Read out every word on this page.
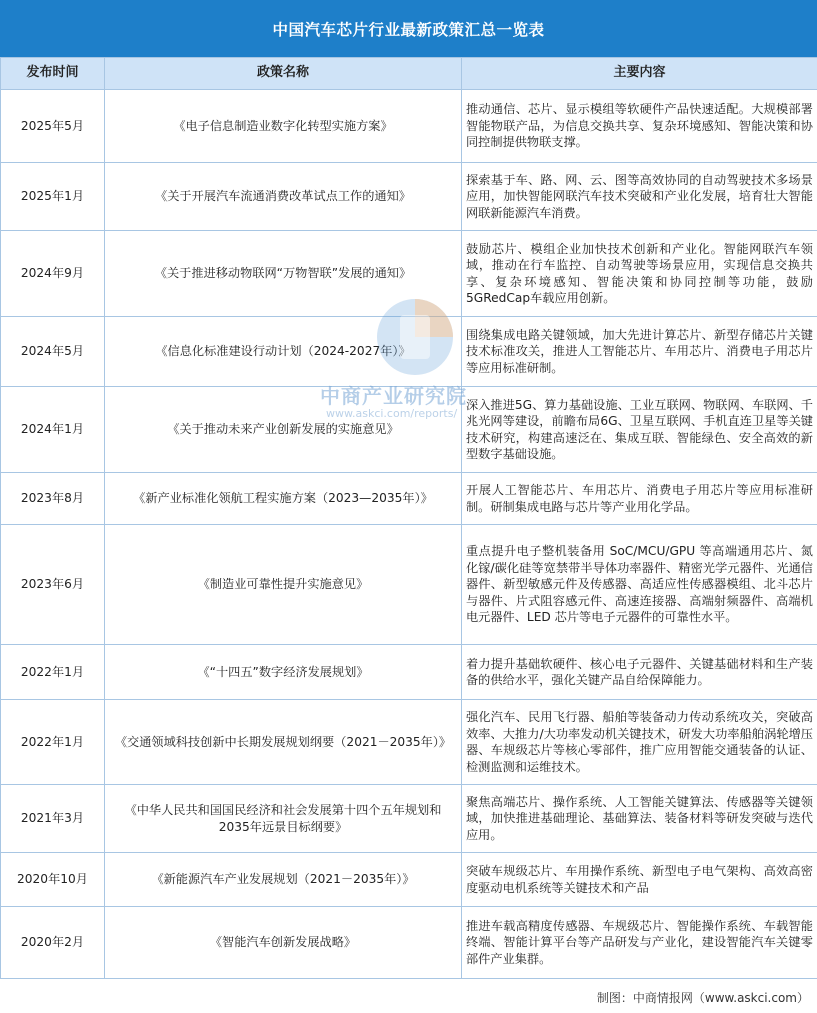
中国汽车芯片行业最新政策汇总一览表
发布时间	政策名称	主要内容
2025年5月	《电子信息制造业数字化转型实施方案》	推动通信、芯片、显示模组等软硬件产品快速适配。大规模部署智能物联产品，为信息交换共享、复杂环境感知、智能决策和协同控制提供物联支撑。
2025年1月	《关于开展汽车流通消费改革试点工作的通知》	探索基于车、路、网、云、图等高效协同的自动驾驶技术多场景应用，加快智能网联汽车技术突破和产业化发展，培育壮大智能网联新能源汽车消费。
2024年9月	《关于推进移动物联网“万物智联”发展的通知》	鼓励芯片、模组企业加快技术创新和产业化。智能网联汽车领域，推动在行车监控、自动驾驶等场景应用，实现信息交换共享、复杂环境感知、智能决策和协同控制等功能，鼓励5GRedCap车载应用创新。
2024年5月	《信息化标准建设行动计划（2024-2027年）》	围绕集成电路关键领域，加大先进计算芯片、新型存储芯片关键技术标准攻关，推进人工智能芯片、车用芯片、消费电子用芯片等应用标准研制。
2024年1月	《关于推动未来产业创新发展的实施意见》	深入推进5G、算力基础设施、工业互联网、物联网、车联网、千兆光网等建设，前瞻布局6G、卫星互联网、手机直连卫星等关键技术研究，构建高速泛在、集成互联、智能绿色、安全高效的新型数字基础设施。
2023年8月	《新产业标准化领航工程实施方案（2023—2035年）》	开展人工智能芯片、车用芯片、消费电子用芯片等应用标准研制。研制集成电路与芯片等产业用化学品。
2023年6月	《制造业可靠性提升实施意见》	重点提升电子整机装备用 SoC/MCU/GPU 等高端通用芯片、氮化镓/碳化硅等宽禁带半导体功率器件、精密光学元器件、光通信器件、新型敏感元件及传感器、高适应性传感器模组、北斗芯片与器件、片式阻容感元件、高速连接器、高端射频器件、高端机电元器件、LED 芯片等电子元器件的可靠性水平。
2022年1月	《“十四五”数字经济发展规划》	着力提升基础软硬件、核心电子元器件、关键基础材料和生产装备的供给水平，强化关键产品自给保障能力。
2022年1月	《交通领域科技创新中长期发展规划纲要（2021－2035年）》	强化汽车、民用飞行器、船舶等装备动力传动系统攻关，突破高效率、大推力/大功率发动机关键技术，研发大功率船舶涡轮增压器、车规级芯片等核心零部件，推广应用智能交通装备的认证、检测监测和运维技术。
2021年3月	《中华人民共和国国民经济和社会发展第十四个五年规划和2035年远景目标纲要》	聚焦高端芯片、操作系统、人工智能关键算法、传感器等关键领域，加快推进基础理论、基础算法、装备材料等研发突破与迭代应用。
2020年10月	《新能源汽车产业发展规划（2021－2035年）》	突破车规级芯片、车用操作系统、新型电子电气架构、高效高密度驱动电机系统等关键技术和产品
2020年2月	《智能汽车创新发展战略》	推进车载高精度传感器、车规级芯片、智能操作系统、车载智能终端、智能计算平台等产品研发与产业化，建设智能汽车关键零部件产业集群。
中商产业研究院
www.askci.com/reports/
制图：中商情报网（www.askci.com）
